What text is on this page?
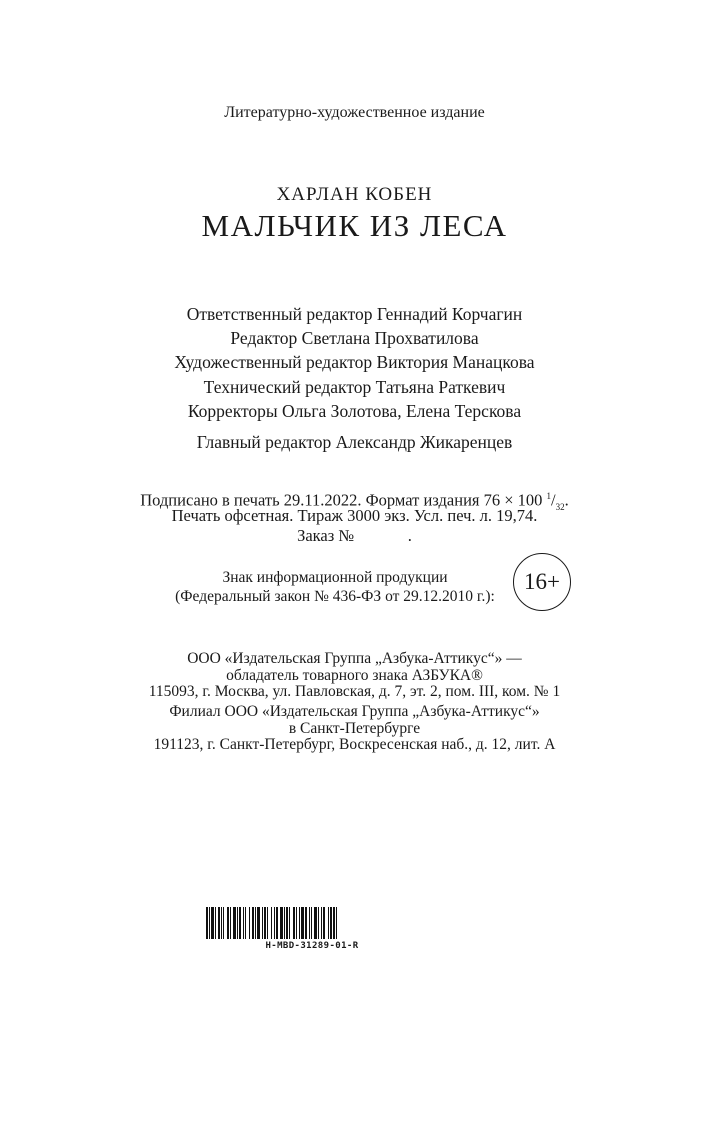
Литературно-художественное издание
ХАРЛАН КОБЕН
МАЛЬЧИК ИЗ ЛЕСА
Ответственный редактор Геннадий Корчагин
Редактор Светлана Прохватилова
Художественный редактор Виктория Манацкова
Технический редактор Татьяна Раткевич
Корректоры Ольга Золотова, Елена Терскова
Главный редактор Александр Жикаренцев
Подписано в печать 29.11.2022. Формат издания 76 × 100 $^1/_{32}$.
Печать офсетная. Тираж 3000 экз. Усл. печ. л. 19,74.
Заказ №             .
Знак информационной продукции
(Федеральный закон № 436-ФЗ от 29.12.2010 г.):
16+
ООО «Издательская Группа „Азбука-Аттикус“» —
обладатель товарного знака АЗБУКА®
115093, г. Москва, ул. Павловская, д. 7, эт. 2, пом. III, ком. № 1
Филиал ООО «Издательская Группа „Азбука-Аттикус“»
в Санкт-Петербурге
191123, г. Санкт-Петербург, Воскресенская наб., д. 12, лит. А
H-MBD-31289-01-R
